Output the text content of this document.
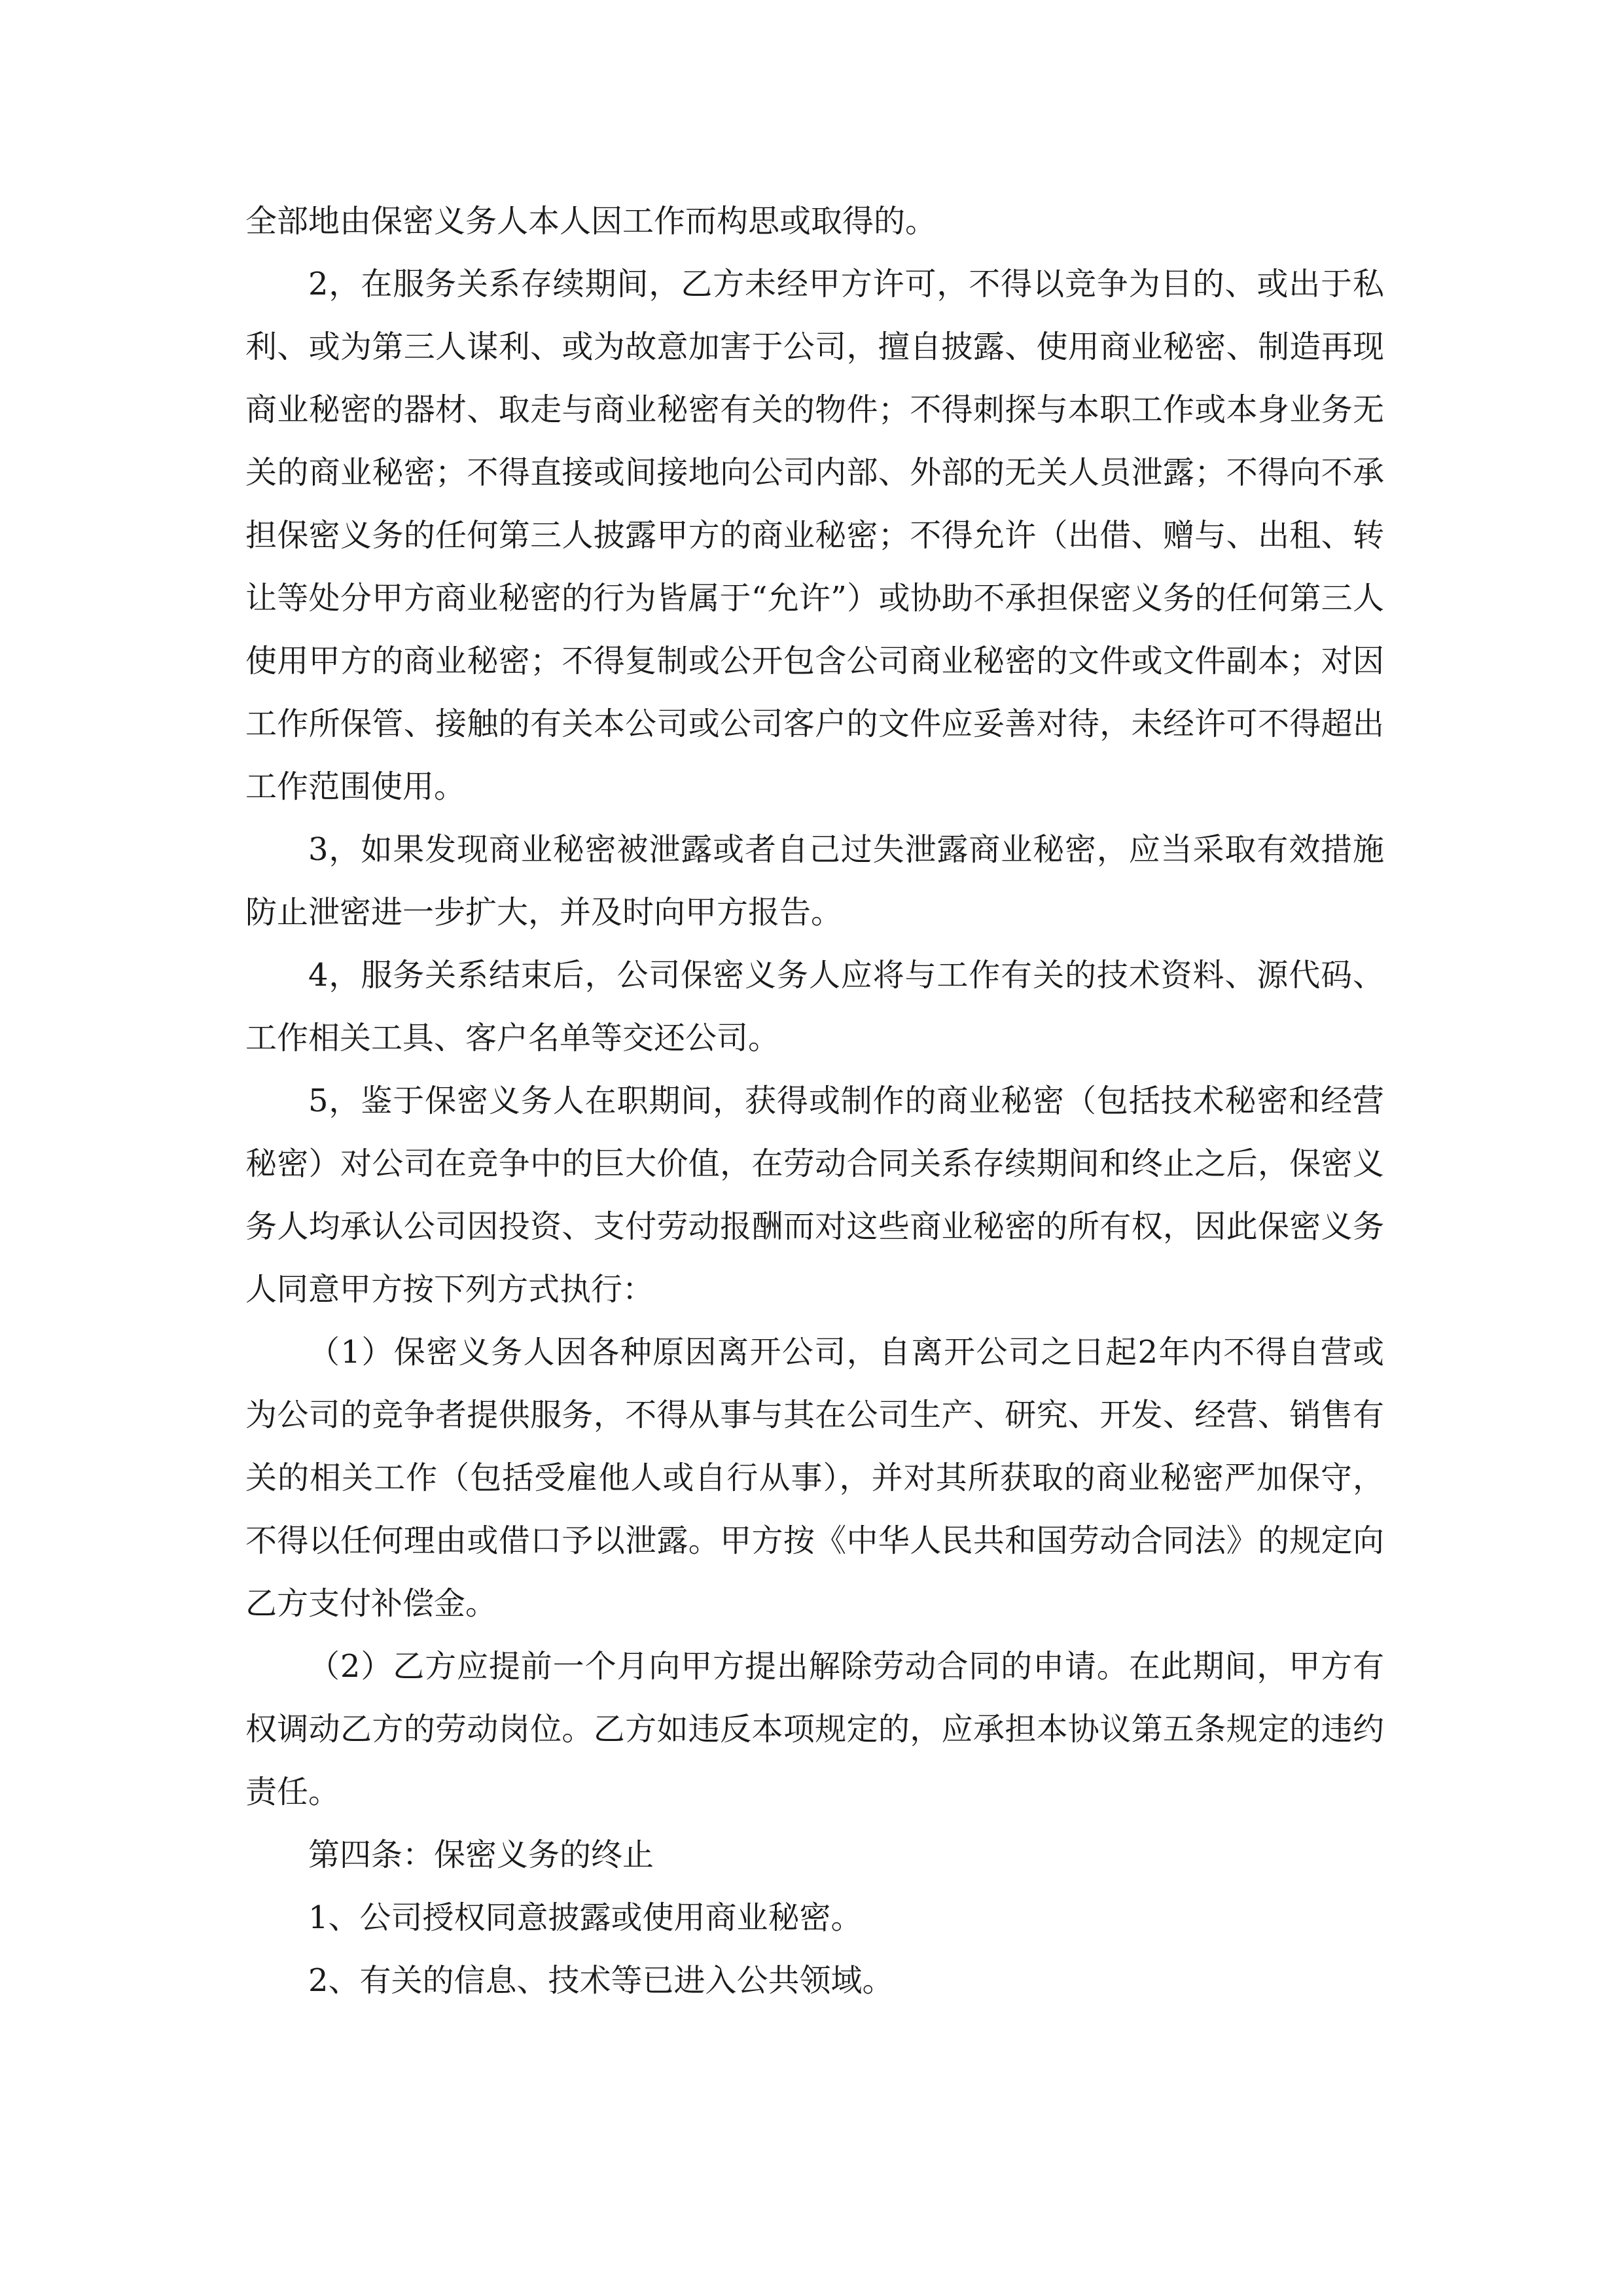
全部地由保密义务人本人因工作而构思或取得的。

2，在服务关系存续期间，乙方未经甲方许可，不得以竞争为目的、或出于私利、或为第三人谋利、或为故意加害于公司，擅自披露、使用商业秘密、制造再现商业秘密的器材、取走与商业秘密有关的物件；不得刺探与本职工作或本身业务无关的商业秘密；不得直接或间接地向公司内部、外部的无关人员泄露；不得向不承担保密义务的任何第三人披露甲方的商业秘密；不得允许（出借、赠与、出租、转让等处分甲方商业秘密的行为皆属于“允许”）或协助不承担保密义务的任何第三人使用甲方的商业秘密；不得复制或公开包含公司商业秘密的文件或文件副本；对因工作所保管、接触的有关本公司或公司客户的文件应妥善对待，未经许可不得超出工作范围使用。

3，如果发现商业秘密被泄露或者自己过失泄露商业秘密，应当采取有效措施防止泄密进一步扩大，并及时向甲方报告。

4，服务关系结束后，公司保密义务人应将与工作有关的技术资料、源代码、工作相关工具、客户名单等交还公司。

5，鉴于保密义务人在职期间，获得或制作的商业秘密（包括技术秘密和经营秘密）对公司在竞争中的巨大价值，在劳动合同关系存续期间和终止之后，保密义务人均承认公司因投资、支付劳动报酬而对这些商业秘密的所有权，因此保密义务人同意甲方按下列方式执行：

（1）保密义务人因各种原因离开公司，自离开公司之日起2年内不得自营或为公司的竞争者提供服务，不得从事与其在公司生产、研究、开发、经营、销售有关的相关工作（包括受雇他人或自行从事），并对其所获取的商业秘密严加保守，不得以任何理由或借口予以泄露。甲方按《中华人民共和国劳动合同法》的规定向乙方支付补偿金。

（2）乙方应提前一个月向甲方提出解除劳动合同的申请。在此期间，甲方有权调动乙方的劳动岗位。乙方如违反本项规定的，应承担本协议第五条规定的违约责任。

第四条：保密义务的终止

1、公司授权同意披露或使用商业秘密。

2、有关的信息、技术等已进入公共领域。
